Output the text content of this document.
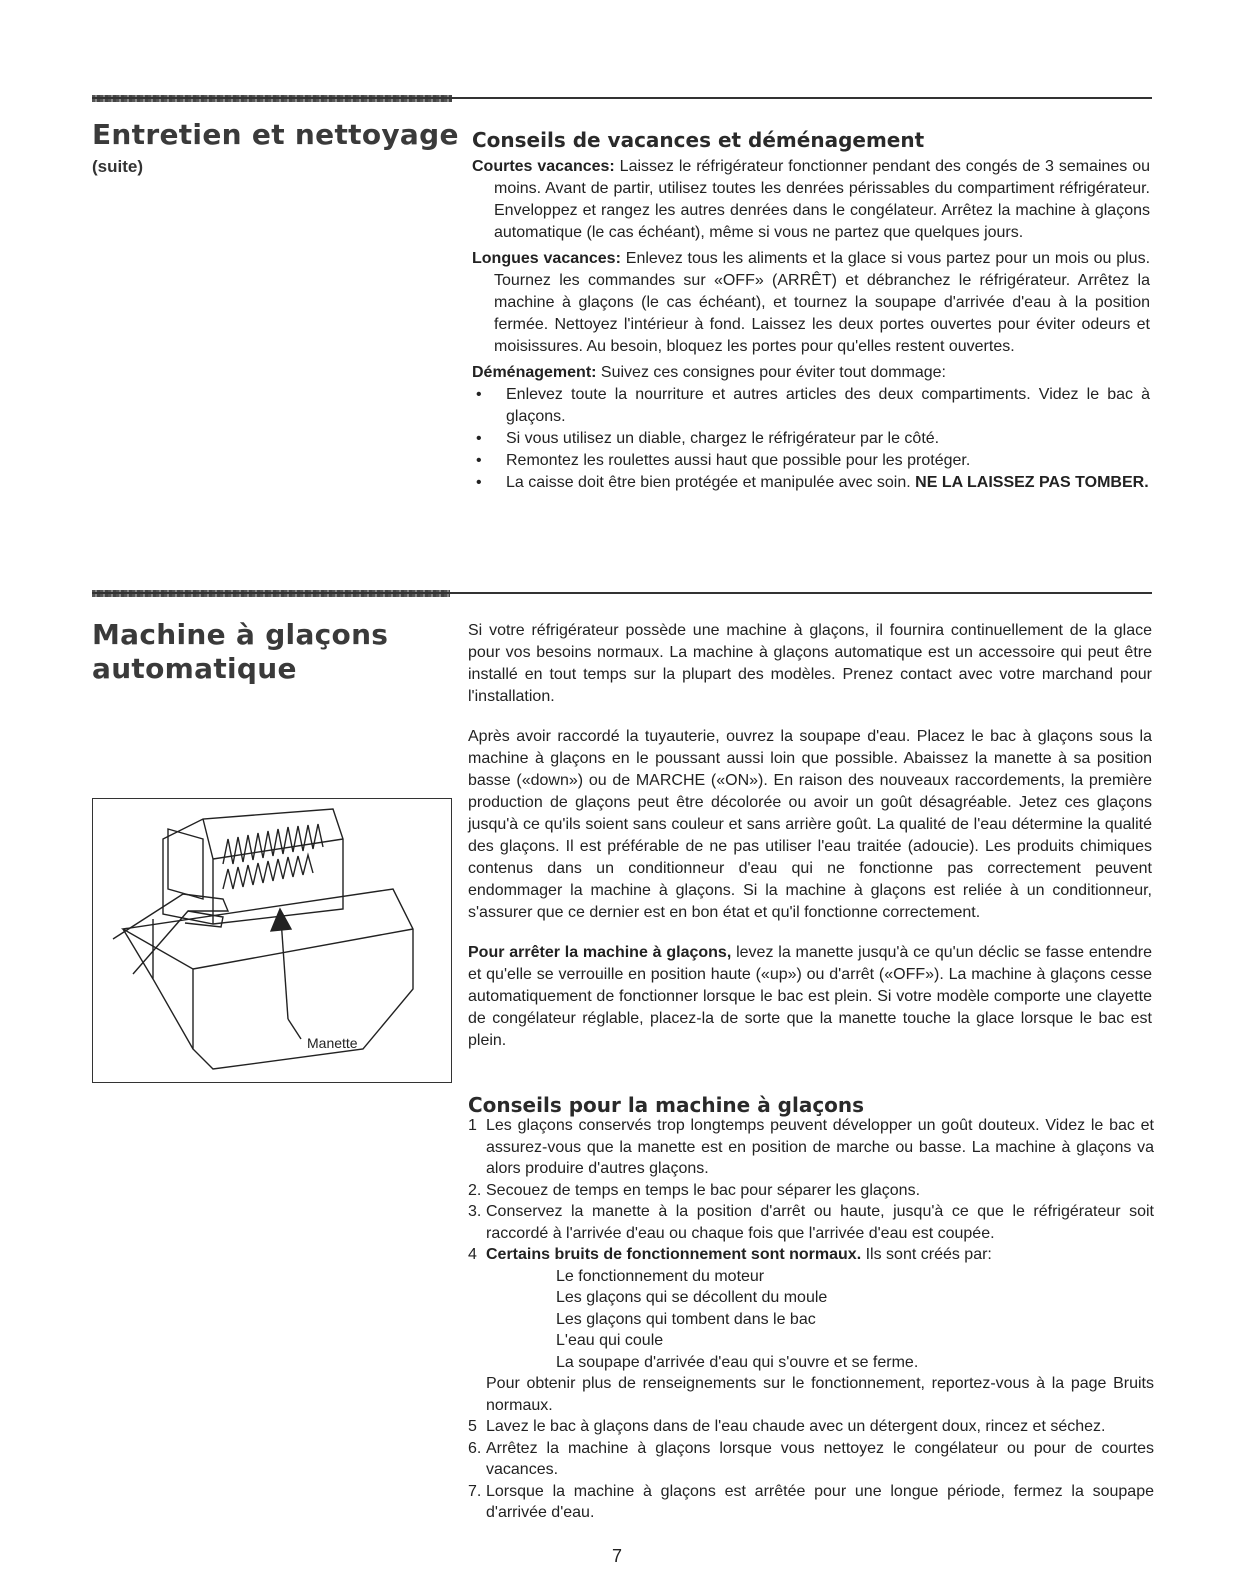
Entretien et nettoyage
(suite)
Conseils de vacances et déménagement

Courtes vacances: Laissez le réfrigérateur fonctionner pendant des congés de 3 semaines ou moins. Avant de partir, utilisez toutes les denrées périssables du compartiment réfrigérateur. Enveloppez et rangez les autres denrées dans le congélateur. Arrêtez la machine à glaçons automatique (le cas échéant), même si vous ne partez que quelques jours.

Longues vacances: Enlevez tous les aliments et la glace si vous partez pour un mois ou plus. Tournez les commandes sur «OFF» (ARRÊT) et débranchez le réfrigérateur. Arrêtez la machine à glaçons (le cas échéant), et tournez la soupape d'arrivée d'eau à la position fermée. Nettoyez l'intérieur à fond. Laissez les deux portes ouvertes pour éviter odeurs et moisissures. Au besoin, bloquez les portes pour qu'elles restent ouvertes.

Déménagement: Suivez ces consignes pour éviter tout dommage:

• Enlevez toute la nourriture et autres articles des deux compartiments. Videz le bac à glaçons.
• Si vous utilisez un diable, chargez le réfrigérateur par le côté.
• Remontez les roulettes aussi haut que possible pour les protéger.
• La caisse doit être bien protégée et manipulée avec soin. NE LA LAISSEZ PAS TOMBER.
Machine à glaçons
automatique

Si votre réfrigérateur possède une machine à glaçons, il fournira continuellement de la glace pour vos besoins normaux. La machine à glaçons automatique est un accessoire qui peut être installé en tout temps sur la plupart des modèles. Prenez contact avec votre marchand pour l'installation.

Après avoir raccordé la tuyauterie, ouvrez la soupape d'eau. Placez le bac à glaçons sous la machine à glaçons en le poussant aussi loin que possible. Abaissez la manette à sa position basse («down») ou de MARCHE («ON»). En raison des nouveaux raccordements, la première production de glaçons peut être décolorée ou avoir un goût désagréable. Jetez ces glaçons jusqu'à ce qu'ils soient sans couleur et sans arrière goût. La qualité de l'eau détermine la qualité des glaçons. Il est préférable de ne pas utiliser l'eau traitée (adoucie). Les produits chimiques contenus dans un conditionneur d'eau qui ne fonctionne pas correctement peuvent endommager la machine à glaçons. Si la machine à glaçons est reliée à un conditionneur, s'assurer que ce dernier est en bon état et qu'il fonctionne correctement.

Pour arrêter la machine à glaçons, levez la manette jusqu'à ce qu'un déclic se fasse entendre et qu'elle se verrouille en position haute («up») ou d'arrêt («OFF»). La machine à glaçons cesse automatiquement de fonctionner lorsque le bac est plein. Si votre modèle comporte une clayette de congélateur réglable, placez-la de sorte que la manette touche la glace lorsque le bac est plein.

Manette
Conseils pour la machine à glaçons
1 Les glaçons conservés trop longtemps peuvent développer un goût douteux. Videz le bac et assurez-vous que la manette est en position de marche ou basse. La machine à glaçons va alors produire d'autres glaçons.
2. Secouez de temps en temps le bac pour séparer les glaçons.
3. Conservez la manette à la position d'arrêt ou haute, jusqu'à ce que le réfrigérateur soit raccordé à l'arrivée d'eau ou chaque fois que l'arrivée d'eau est coupée.
4 Certains bruits de fonctionnement sont normaux. Ils sont créés par:
Le fonctionnement du moteur
Les glaçons qui se décollent du moule
Les glaçons qui tombent dans le bac
L'eau qui coule
La soupape d'arrivée d'eau qui s'ouvre et se ferme.
Pour obtenir plus de renseignements sur le fonctionnement, reportez-vous à la page Bruits normaux.
5 Lavez le bac à glaçons dans de l'eau chaude avec un détergent doux, rincez et séchez.
6. Arrêtez la machine à glaçons lorsque vous nettoyez le congélateur ou pour de courtes vacances.
7. Lorsque la machine à glaçons est arrêtée pour une longue période, fermez la soupape d'arrivée d'eau.
7
